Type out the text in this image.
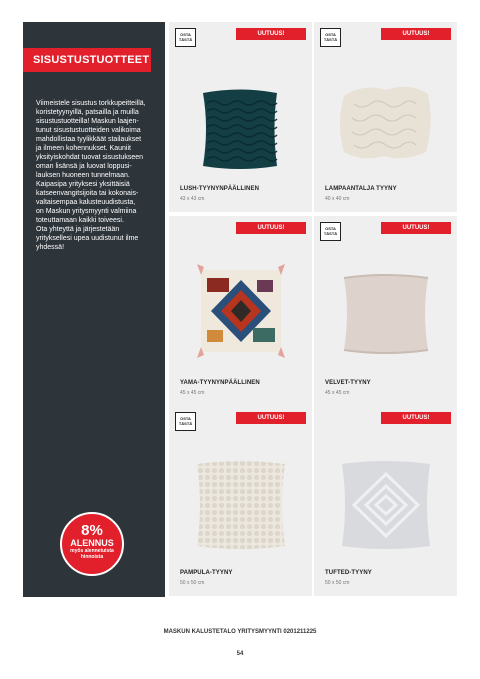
SISUSTUSTUOTTEET
Viimeistele sisustus torkkupeitteillä,
koristetyynyillä, patsailla ja muilla
sisustustuotteilla! Maskun laajen-
tunut sisustustuotteiden valikoima
mahdollistaa tyylikkäät stailaukset
ja ilmeen kohennukset. Kauniit
yksityiskohdat tuovat sisustukseen
oman lisänsä ja luovat loppusi-
lauksen huoneen tunnelmaan.
Kaipasipa yrityksesi yksittäisiä
katseenvangitsijoita tai kokonais-
valtaisempaa kalusteuudistusta,
on Maskun yritysmyynti valmiina
toteuttamaan kaikki toiveesi.
Ota yhteyttä ja järjestetään
yrityksellesi upea uudistunut ilme
yhdessä!
8%
ALENNUS
myös alennetuista hinnoista
OSTA TÄSTÄ
UUTUUS!
LUSH-TYYNYNPÄÄLLINEN
43 x 43 cm
OSTA TÄSTÄ
UUTUUS!
LAMPAANTALJA TYYNY
40 x 40 cm
UUTUUS!
YAMA-TYYNYNPÄÄLLINEN
45 x 45 cm
OSTA TÄSTÄ
UUTUUS!
VELVET-TYYNY
45 x 45 cm
OSTA TÄSTÄ
UUTUUS!
PAMPULA-TYYNY
50 x 50 cm
UUTUUS!
TUFTED-TYYNY
50 x 50 cm
MASKUN KALUSTETALO YRITYSMYYNTI 0201211225
54
